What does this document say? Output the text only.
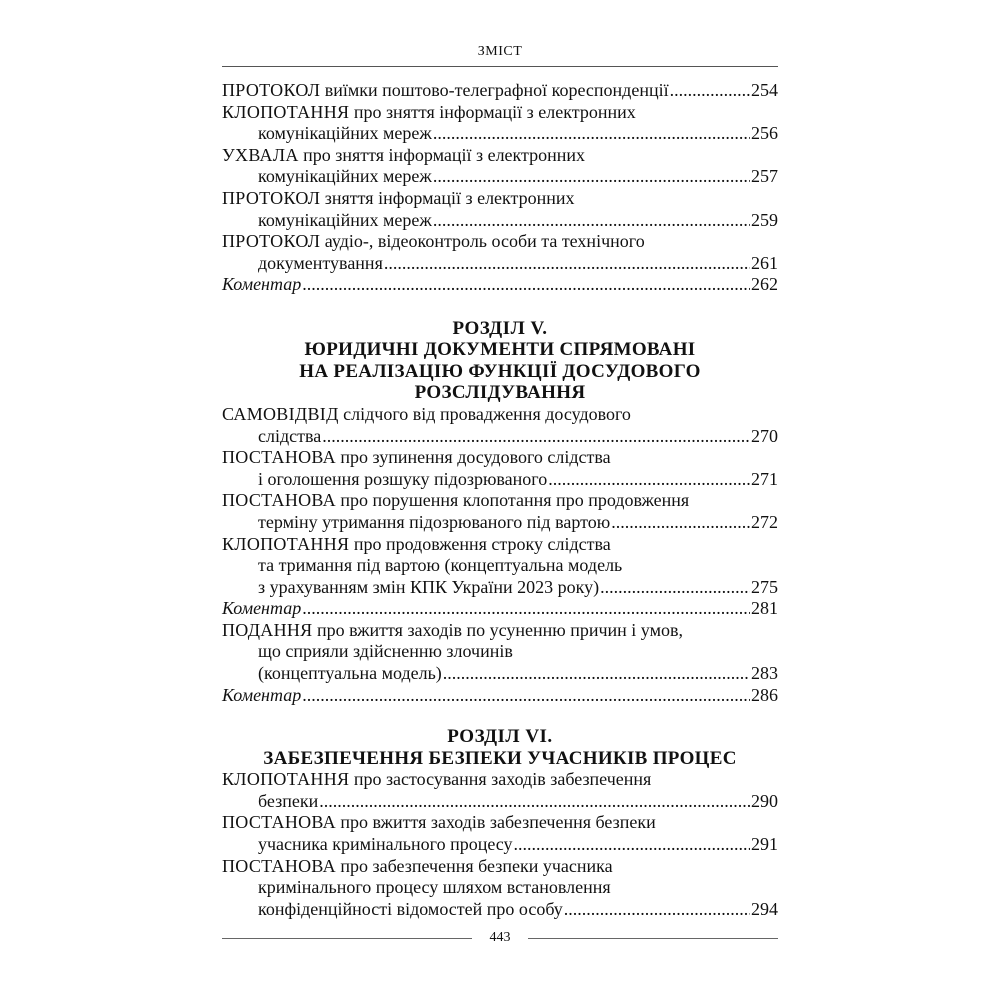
ЗМІСТ
ПРОТОКОЛ виїмки поштово-телеграфної кореспонденції .....	254
КЛОПОТАННЯ про зняття інформації з електронних
комунікаційних мереж .....	256
УХВАЛА про зняття інформації з електронних
комунікаційних мереж .....	257
ПРОТОКОЛ зняття інформації з електронних
комунікаційних мереж .....	259
ПРОТОКОЛ аудіо-, відеоконтроль особи та технічного
документування .....	261
Коментар .....	262
РОЗДІЛ V.
ЮРИДИЧНІ ДОКУМЕНТИ СПРЯМОВАНІ
НА РЕАЛІЗАЦІЮ ФУНКЦІЇ ДОСУДОВОГО
РОЗСЛІДУВАННЯ
САМОВІДВІД слідчого від провадження досудового
слідства .....	270
ПОСТАНОВА про зупинення досудового слідства
і оголошення розшуку підозрюваного .....	271
ПОСТАНОВА про порушення клопотання про продовження
терміну утримання підозрюваного під вартою .....	272
КЛОПОТАННЯ про продовження строку слідства
та тримання під вартою (концептуальна модель
з урахуванням змін КПК України 2023 року) .....	275
Коментар .....	281
ПОДАННЯ про вжиття заходів по усуненню причин і умов,
що сприяли здійсненню злочинів
(концептуальна модель) .....	283
Коментар .....	286
РОЗДІЛ VI.
ЗАБЕЗПЕЧЕННЯ БЕЗПЕКИ УЧАСНИКІВ ПРОЦЕС
КЛОПОТАННЯ про застосування заходів забезпечення
безпеки .....	290
ПОСТАНОВА про вжиття заходів забезпечення безпеки
учасника кримінального процесу .....	291
ПОСТАНОВА про забезпечення безпеки учасника
кримінального процесу шляхом встановлення
конфіденційності відомостей про особу .....	294
443
